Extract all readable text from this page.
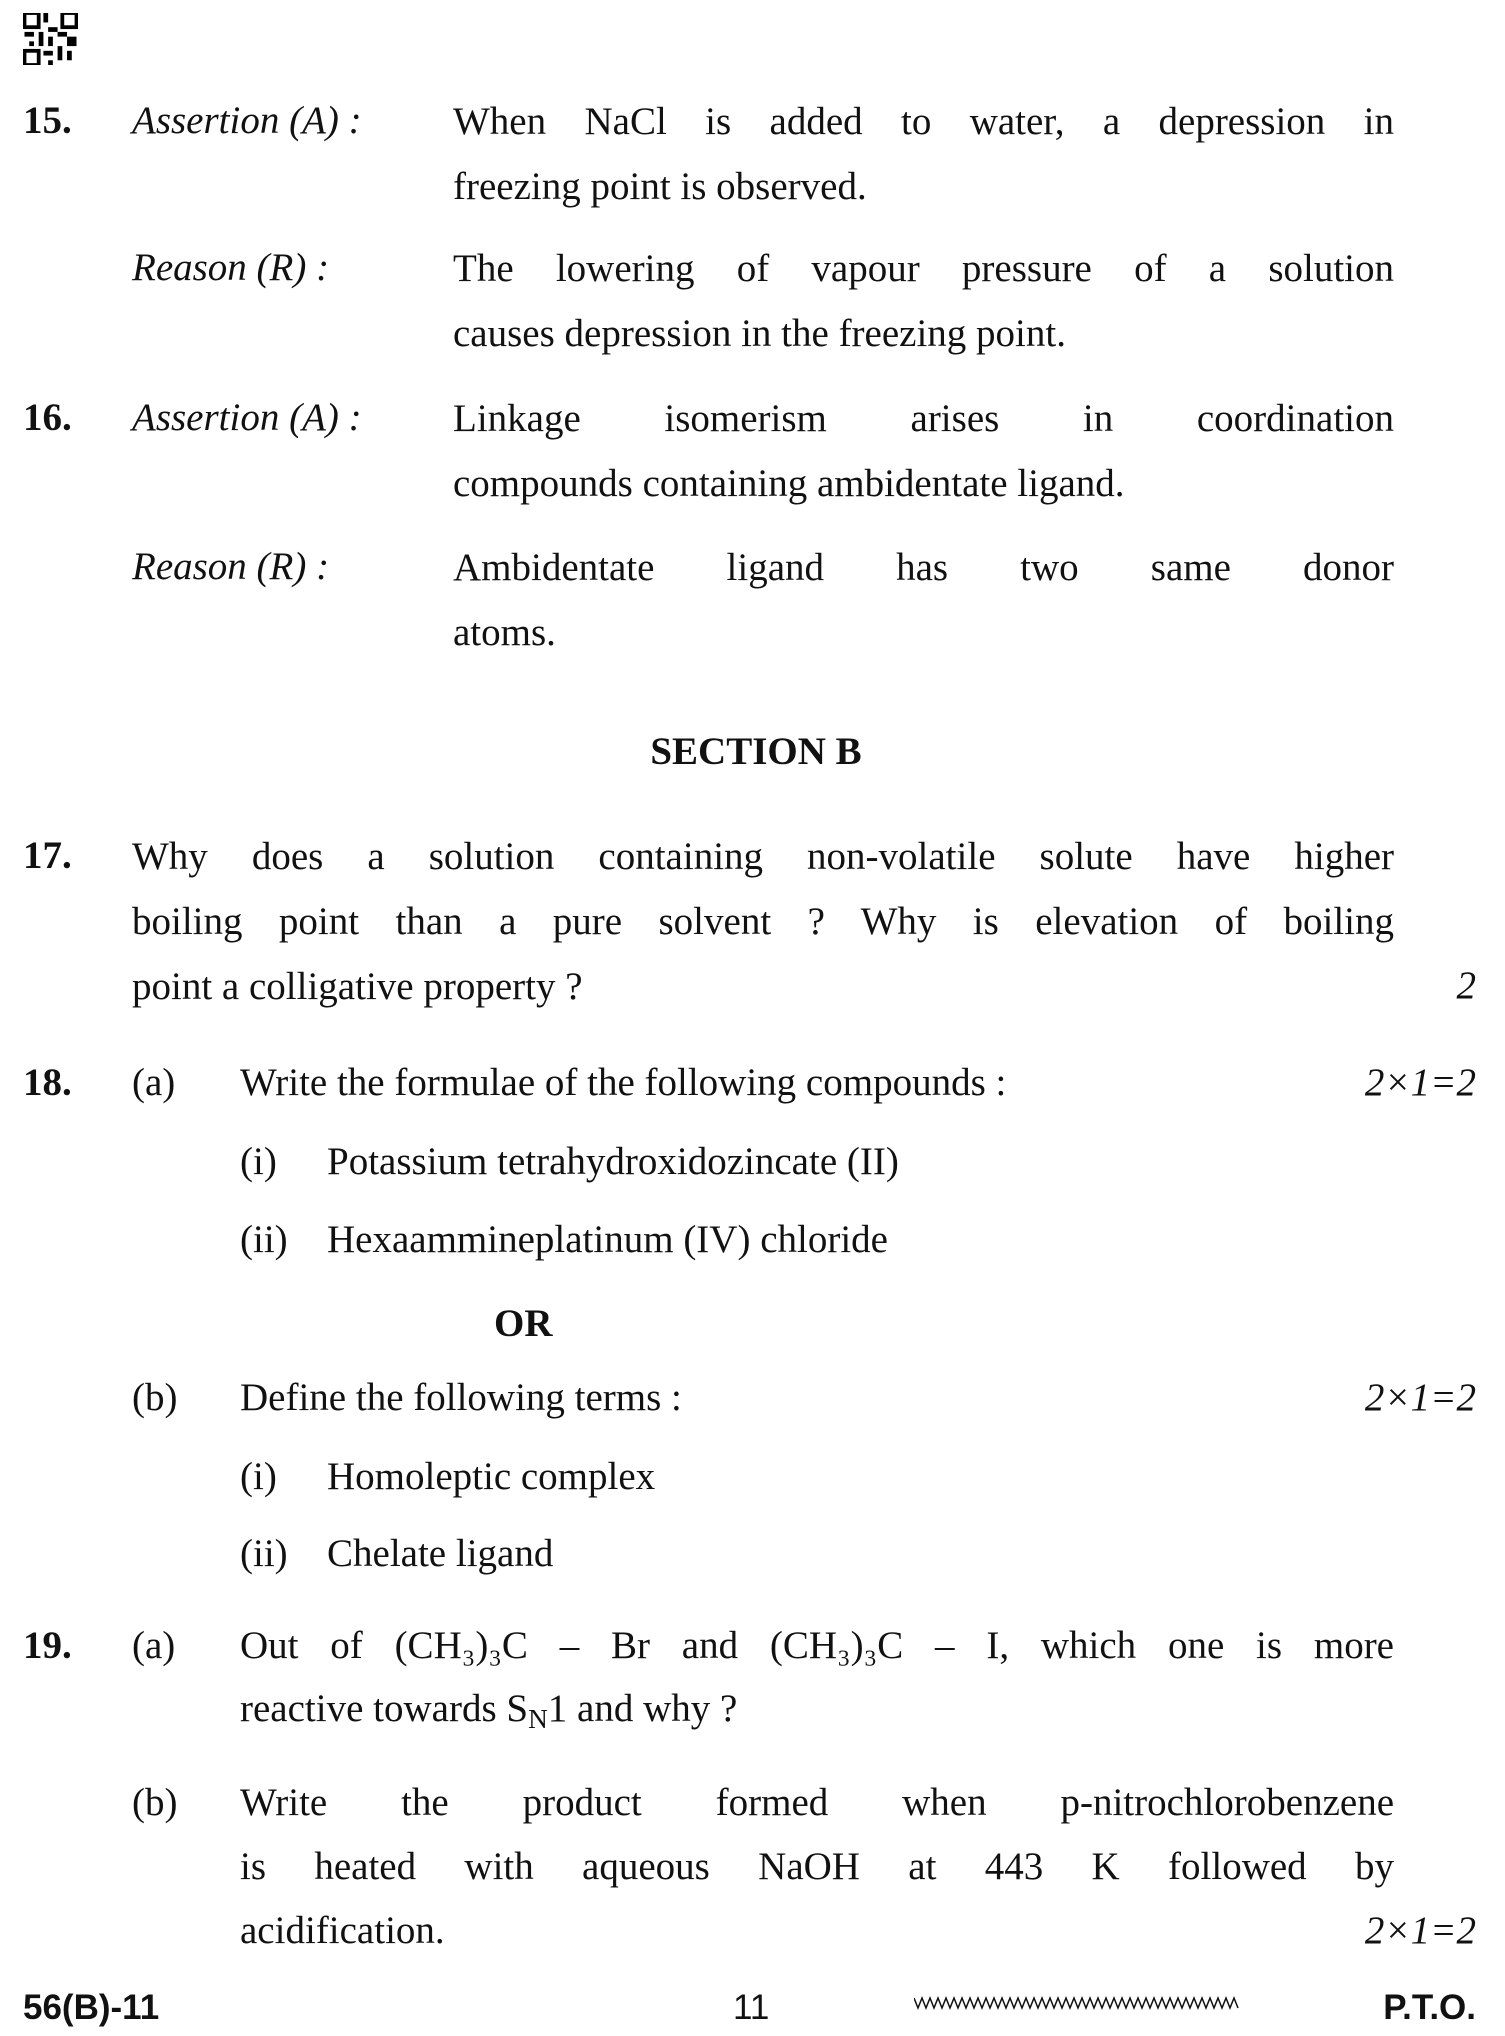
15. Assertion (A) : When NaCl is added to water, a depression in
freezing point is observed.
Reason (R) :	The lowering of vapour pressure of a solution
causes depression in the freezing point.
16. Assertion (A) : Linkage isomerism arises in coordination
compounds containing ambidentate ligand.
Reason (R) :	Ambidentate ligand has two same donor
atoms.
SECTION B
17. Why does a solution containing non-volatile solute have higher
boiling point than a pure solvent ? Why is elevation of boiling
point a colligative property ?	2
18. (a) Write the formulae of the following compounds :	2×1=2
(i) Potassium tetrahydroxidozincate (II)
(ii) Hexaammineplatinum (IV) chloride
OR
(b) Define the following terms :	2×1=2
(i) Homoleptic complex
(ii) Chelate ligand
19. (a) Out of (CH₃)₃C – Br and (CH₃)₃C – I, which one is more
reactive towards $S_N1$ and why ?
(b) Write the product formed when p-nitrochlorobenzene
is heated with aqueous NaOH at 443 K followed by
acidification.	2×1=2
56(B)-11	11	P.T.O.
